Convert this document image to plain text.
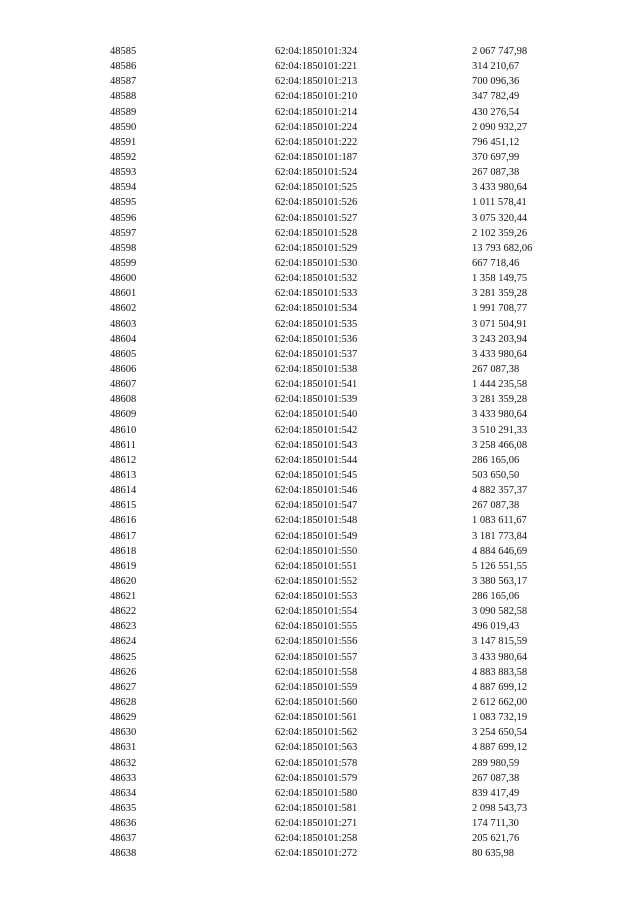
48585	62:04:1850101:324	2 067 747,98
48586	62:04:1850101:221	314 210,67
48587	62:04:1850101:213	700 096,36
48588	62:04:1850101:210	347 782,49
48589	62:04:1850101:214	430 276,54
48590	62:04:1850101:224	2 090 932,27
48591	62:04:1850101:222	796 451,12
48592	62:04:1850101:187	370 697,99
48593	62:04:1850101:524	267 087,38
48594	62:04:1850101:525	3 433 980,64
48595	62:04:1850101:526	1 011 578,41
48596	62:04:1850101:527	3 075 320,44
48597	62:04:1850101:528	2 102 359,26
48598	62:04:1850101:529	13 793 682,06
48599	62:04:1850101:530	667 718,46
48600	62:04:1850101:532	1 358 149,75
48601	62:04:1850101:533	3 281 359,28
48602	62:04:1850101:534	1 991 708,77
48603	62:04:1850101:535	3 071 504,91
48604	62:04:1850101:536	3 243 203,94
48605	62:04:1850101:537	3 433 980,64
48606	62:04:1850101:538	267 087,38
48607	62:04:1850101:541	1 444 235,58
48608	62:04:1850101:539	3 281 359,28
48609	62:04:1850101:540	3 433 980,64
48610	62:04:1850101:542	3 510 291,33
48611	62:04:1850101:543	3 258 466,08
48612	62:04:1850101:544	286 165,06
48613	62:04:1850101:545	503 650,50
48614	62:04:1850101:546	4 882 357,37
48615	62:04:1850101:547	267 087,38
48616	62:04:1850101:548	1 083 611,67
48617	62:04:1850101:549	3 181 773,84
48618	62:04:1850101:550	4 884 646,69
48619	62:04:1850101:551	5 126 551,55
48620	62:04:1850101:552	3 380 563,17
48621	62:04:1850101:553	286 165,06
48622	62:04:1850101:554	3 090 582,58
48623	62:04:1850101:555	496 019,43
48624	62:04:1850101:556	3 147 815,59
48625	62:04:1850101:557	3 433 980,64
48626	62:04:1850101:558	4 883 883,58
48627	62:04:1850101:559	4 887 699,12
48628	62:04:1850101:560	2 612 662,00
48629	62:04:1850101:561	1 083 732,19
48630	62:04:1850101:562	3 254 650,54
48631	62:04:1850101:563	4 887 699,12
48632	62:04:1850101:578	289 980,59
48633	62:04:1850101:579	267 087,38
48634	62:04:1850101:580	839 417,49
48635	62:04:1850101:581	2 098 543,73
48636	62:04:1850101:271	174 711,30
48637	62:04:1850101:258	205 621,76
48638	62:04:1850101:272	80 635,98
